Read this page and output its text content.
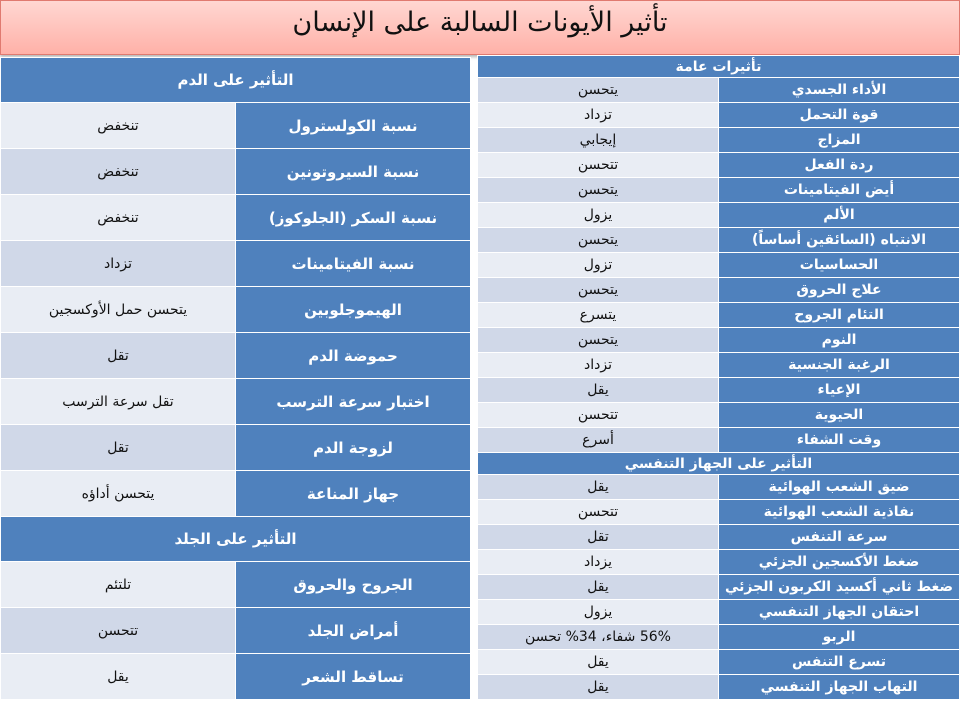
تأثير الأيونات السالبة على الإنسان
التأثير على الدم	
تنخفض	نسبة الكولسترول
تنخفض	نسبة السيروتونين
تنخفض	نسبة السكر (الجلوكوز)
تزداد	نسبة الفيتامينات
يتحسن حمل الأوكسجين	الهيموجلوبين
تقل	حموضة الدم
تقل سرعة الترسب	اختبار سرعة الترسب
تقل	لزوجة الدم
يتحسن أداؤه	جهاز المناعة
التأثير على الجلد	
تلتئم	الجروح والحروق
تتحسن	أمراض الجلد
يقل	تساقط الشعر
تأثيرات عامة	
يتحسن	الأداء الجسدي
تزداد	قوة التحمل
إيجابي	المزاج
تتحسن	ردة الفعل
يتحسن	أيض الفيتامينات
يزول	الألم
يتحسن	الانتباه (السائقين أساساً)
تزول	الحساسيات
يتحسن	علاج الحروق
يتسرع	التئام الجروح
يتحسن	النوم
تزداد	الرغبة الجنسية
يقل	الإعياء
تتحسن	الحيوية
أسرع	وقت الشفاء
التأثير على الجهاز التنفسي	
يقل	ضيق الشعب الهوائية
تتحسن	نفاذية الشعب الهوائية
تقل	سرعة التنفس
يزداد	ضغط الأكسجين الجزئي
يقل	ضغط ثاني أكسيد الكربون الجزئي
يزول	احتقان الجهاز التنفسي
56% شفاء، 34% تحسن	الربو
يقل	تسرع التنفس
يقل	التهاب الجهاز التنفسي
